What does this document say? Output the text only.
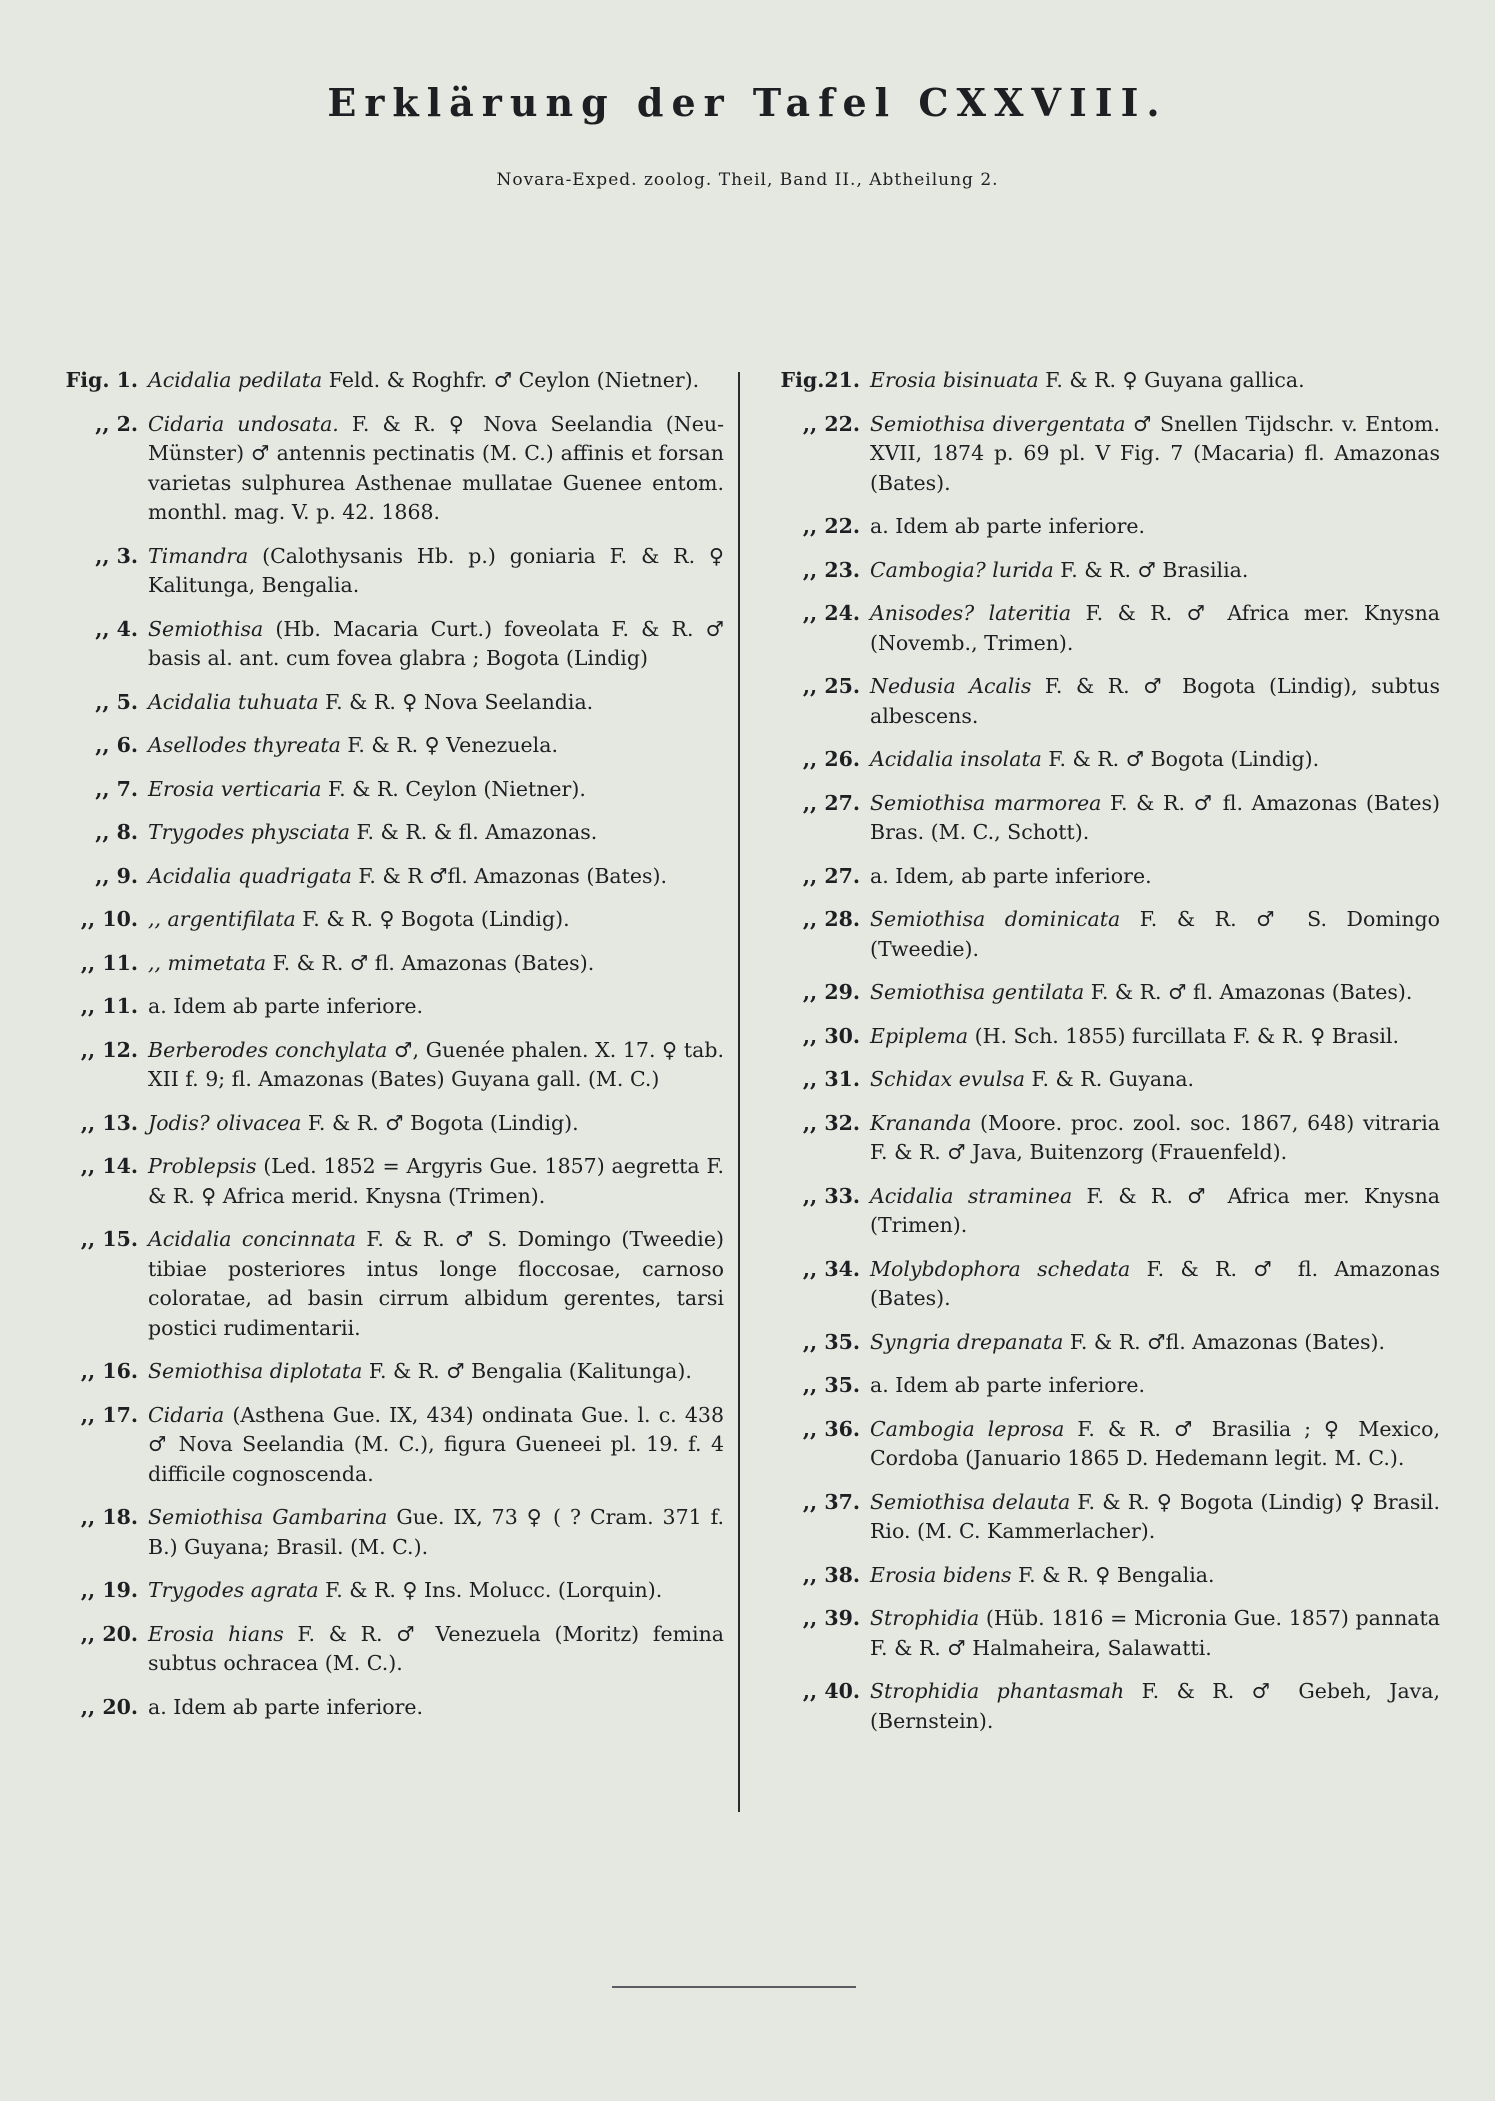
Erklärung der Tafel CXXVIII.
Novara-Exped. zoolog. Theil, Band II., Abtheilung 2.
Fig. 1. Acidalia pedilata Feld. & Roghfr. ♂ Ceylon (Nietner).
,, 2. Cidaria undosata. F. & R. ♀ Nova Seelandia (Neu-Münster) ♂ antennis pectinatis (M. C.) affinis et forsan varietas sulphurea Asthenae mullatae Guenee entom. monthl. mag. V. p. 42. 1868.
,, 3. Timandra (Calothysanis Hb. p.) goniaria F. & R. ♀ Kalitunga, Bengalia.
,, 4. Semiothisa (Hb. Macaria Curt.) foveolata F. & R. ♂ basis al. ant. cum fovea glabra ; Bogota (Lindig)
,, 5. Acidalia tuhuata F. & R. ♀ Nova Seelandia.
,, 6. Asellodes thyreata F. & R. ♀ Venezuela.
,, 7. Erosia verticaria F. & R. Ceylon (Nietner).
,, 8. Trygodes physciata F. & R. & fl. Amazonas.
,, 9. Acidalia quadrigata F. & R ♂fl. Amazonas (Bates).
,, 10. ,, argentifilata F. & R. ♀ Bogota (Lindig).
,, 11. ,, mimetata F. & R. ♂ fl. Amazonas (Bates).
,, 11. a. Idem ab parte inferiore.
,, 12. Berberodes conchylata ♂, Guenée phalen. X. 17. ♀ tab. XII f. 9; fl. Amazonas (Bates) Guyana gall. (M. C.)
,, 13. Jodis? olivacea F. & R. ♂ Bogota (Lindig).
,, 14. Problepsis (Led. 1852 = Argyris Gue. 1857) aegretta F. & R. ♀ Africa merid. Knysna (Trimen).
,, 15. Acidalia concinnata F. & R. ♂ S. Domingo (Tweedie) tibiae posteriores intus longe floccosae, carnoso coloratae, ad basin cirrum albidum gerentes, tarsi postici rudimentarii.
,, 16. Semiothisa diplotata F. & R. ♂ Bengalia (Kalitunga).
,, 17. Cidaria (Asthena Gue. IX, 434) ondinata Gue. l. c. 438 ♂ Nova Seelandia (M. C.), figura Gueneei pl. 19. f. 4 difficile cognoscenda.
,, 18. Semiothisa Gambarina Gue. IX, 73 ♀ ( ? Cram. 371 f. B.) Guyana; Brasil. (M. C.).
,, 19. Trygodes agrata F. & R. ♀ Ins. Molucc. (Lorquin).
,, 20. Erosia hians F. & R. ♂ Venezuela (Moritz) femina subtus ochracea (M. C.).
,, 20. a. Idem ab parte inferiore.
Fig.21. Erosia bisinuata F. & R. ♀ Guyana gallica.
,, 22. Semiothisa divergentata ♂ Snellen Tijdschr. v. Entom. XVII, 1874 p. 69 pl. V Fig. 7 (Macaria) fl. Amazonas (Bates).
,, 22. a. Idem ab parte inferiore.
,, 23. Cambogia? lurida F. & R. ♂ Brasilia.
,, 24. Anisodes? lateritia F. & R. ♂ Africa mer. Knysna (Novemb., Trimen).
,, 25. Nedusia Acalis F. & R. ♂ Bogota (Lindig), subtus albescens.
,, 26. Acidalia insolata F. & R. ♂ Bogota (Lindig).
,, 27. Semiothisa marmorea F. & R. ♂ fl. Amazonas (Bates) Bras. (M. C., Schott).
,, 27. a. Idem, ab parte inferiore.
,, 28. Semiothisa dominicata F. & R. ♂ S. Domingo (Tweedie).
,, 29. Semiothisa gentilata F. & R. ♂ fl. Amazonas (Bates).
,, 30. Epiplema (H. Sch. 1855) furcillata F. & R. ♀ Brasil.
,, 31. Schidax evulsa F. & R. Guyana.
,, 32. Krananda (Moore. proc. zool. soc. 1867, 648) vitraria F. & R. ♂ Java, Buitenzorg (Frauenfeld).
,, 33. Acidalia straminea F. & R. ♂ Africa mer. Knysna (Trimen).
,, 34. Molybdophora schedata F. & R. ♂ fl. Amazonas (Bates).
,, 35. Syngria drepanata F. & R. ♂fl. Amazonas (Bates).
,, 35. a. Idem ab parte inferiore.
,, 36. Cambogia leprosa F. & R. ♂ Brasilia ; ♀ Mexico, Cordoba (Januario 1865 D. Hedemann legit. M. C.).
,, 37. Semiothisa delauta F. & R. ♀ Bogota (Lindig) ♀ Brasil. Rio. (M. C. Kammerlacher).
,, 38. Erosia bidens F. & R. ♀ Bengalia.
,, 39. Strophidia (Hüb. 1816 = Micronia Gue. 1857) pannata F. & R. ♂ Halmaheira, Salawatti.
,, 40. Strophidia phantasmah F. & R. ♂ Gebeh, Java, (Bernstein).
